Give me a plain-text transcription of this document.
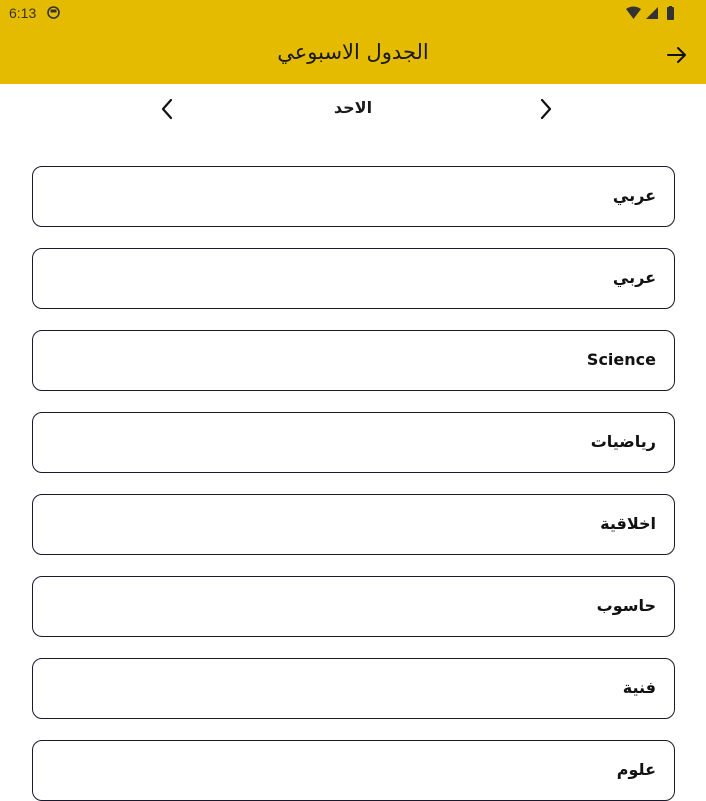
6:13
الجدول الاسبوعي
الاحد
عربي
عربي
Science
رياضيات
اخلاقية
حاسوب
فنية
علوم
